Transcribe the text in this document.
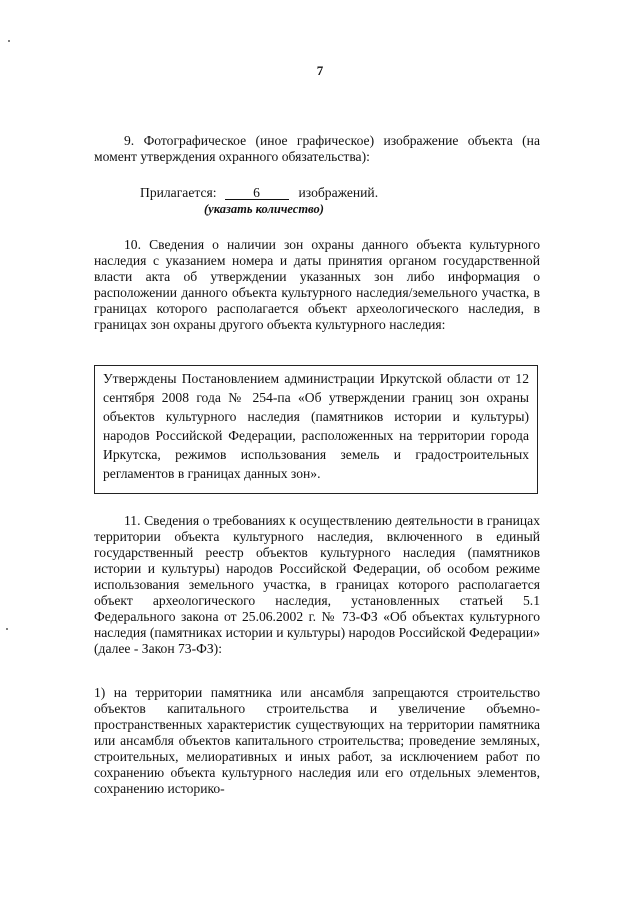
7
9. Фотографическое (иное графическое) изображение объекта (на момент утверждения охранного обязательства):
Прилагается:	6	изображений.
(указать количество)
10. Сведения о наличии зон охраны данного объекта культурного наследия с указанием номера и даты принятия органом государственной власти акта об утверждении указанных зон либо информация о расположении данного объекта культурного наследия/земельного участка, в границах которого располагается объект археологического наследия, в границах зон охраны другого объекта культурного наследия:
Утверждены Постановлением администрации Иркутской области от 12 сентября 2008 года № 254-па «Об утверждении границ зон охраны объектов культурного наследия (памятников истории и культуры) народов Российской Федерации, расположенных на территории города Иркутска, режимов использования земель и градостроительных регламентов в границах данных зон».
11. Сведения о требованиях к осуществлению деятельности в границах территории объекта культурного наследия, включенного в единый государственный реестр объектов культурного наследия (памятников истории и культуры) народов Российской Федерации, об особом режиме использования земельного участка, в границах которого располагается объект археологического наследия, установленных статьей 5.1 Федерального закона от 25.06.2002 г. № 73-ФЗ «Об объектах культурного наследия (памятниках истории и культуры) народов Российской Федерации» (далее - Закон 73-ФЗ):
1) на территории памятника или ансамбля запрещаются строительство объектов капитального строительства и увеличение объемно-пространственных характеристик существующих на территории памятника или ансамбля объектов капитального строительства; проведение земляных, строительных, мелиоративных и иных работ, за исключением работ по сохранению объекта культурного наследия или его отдельных элементов, сохранению историко-
